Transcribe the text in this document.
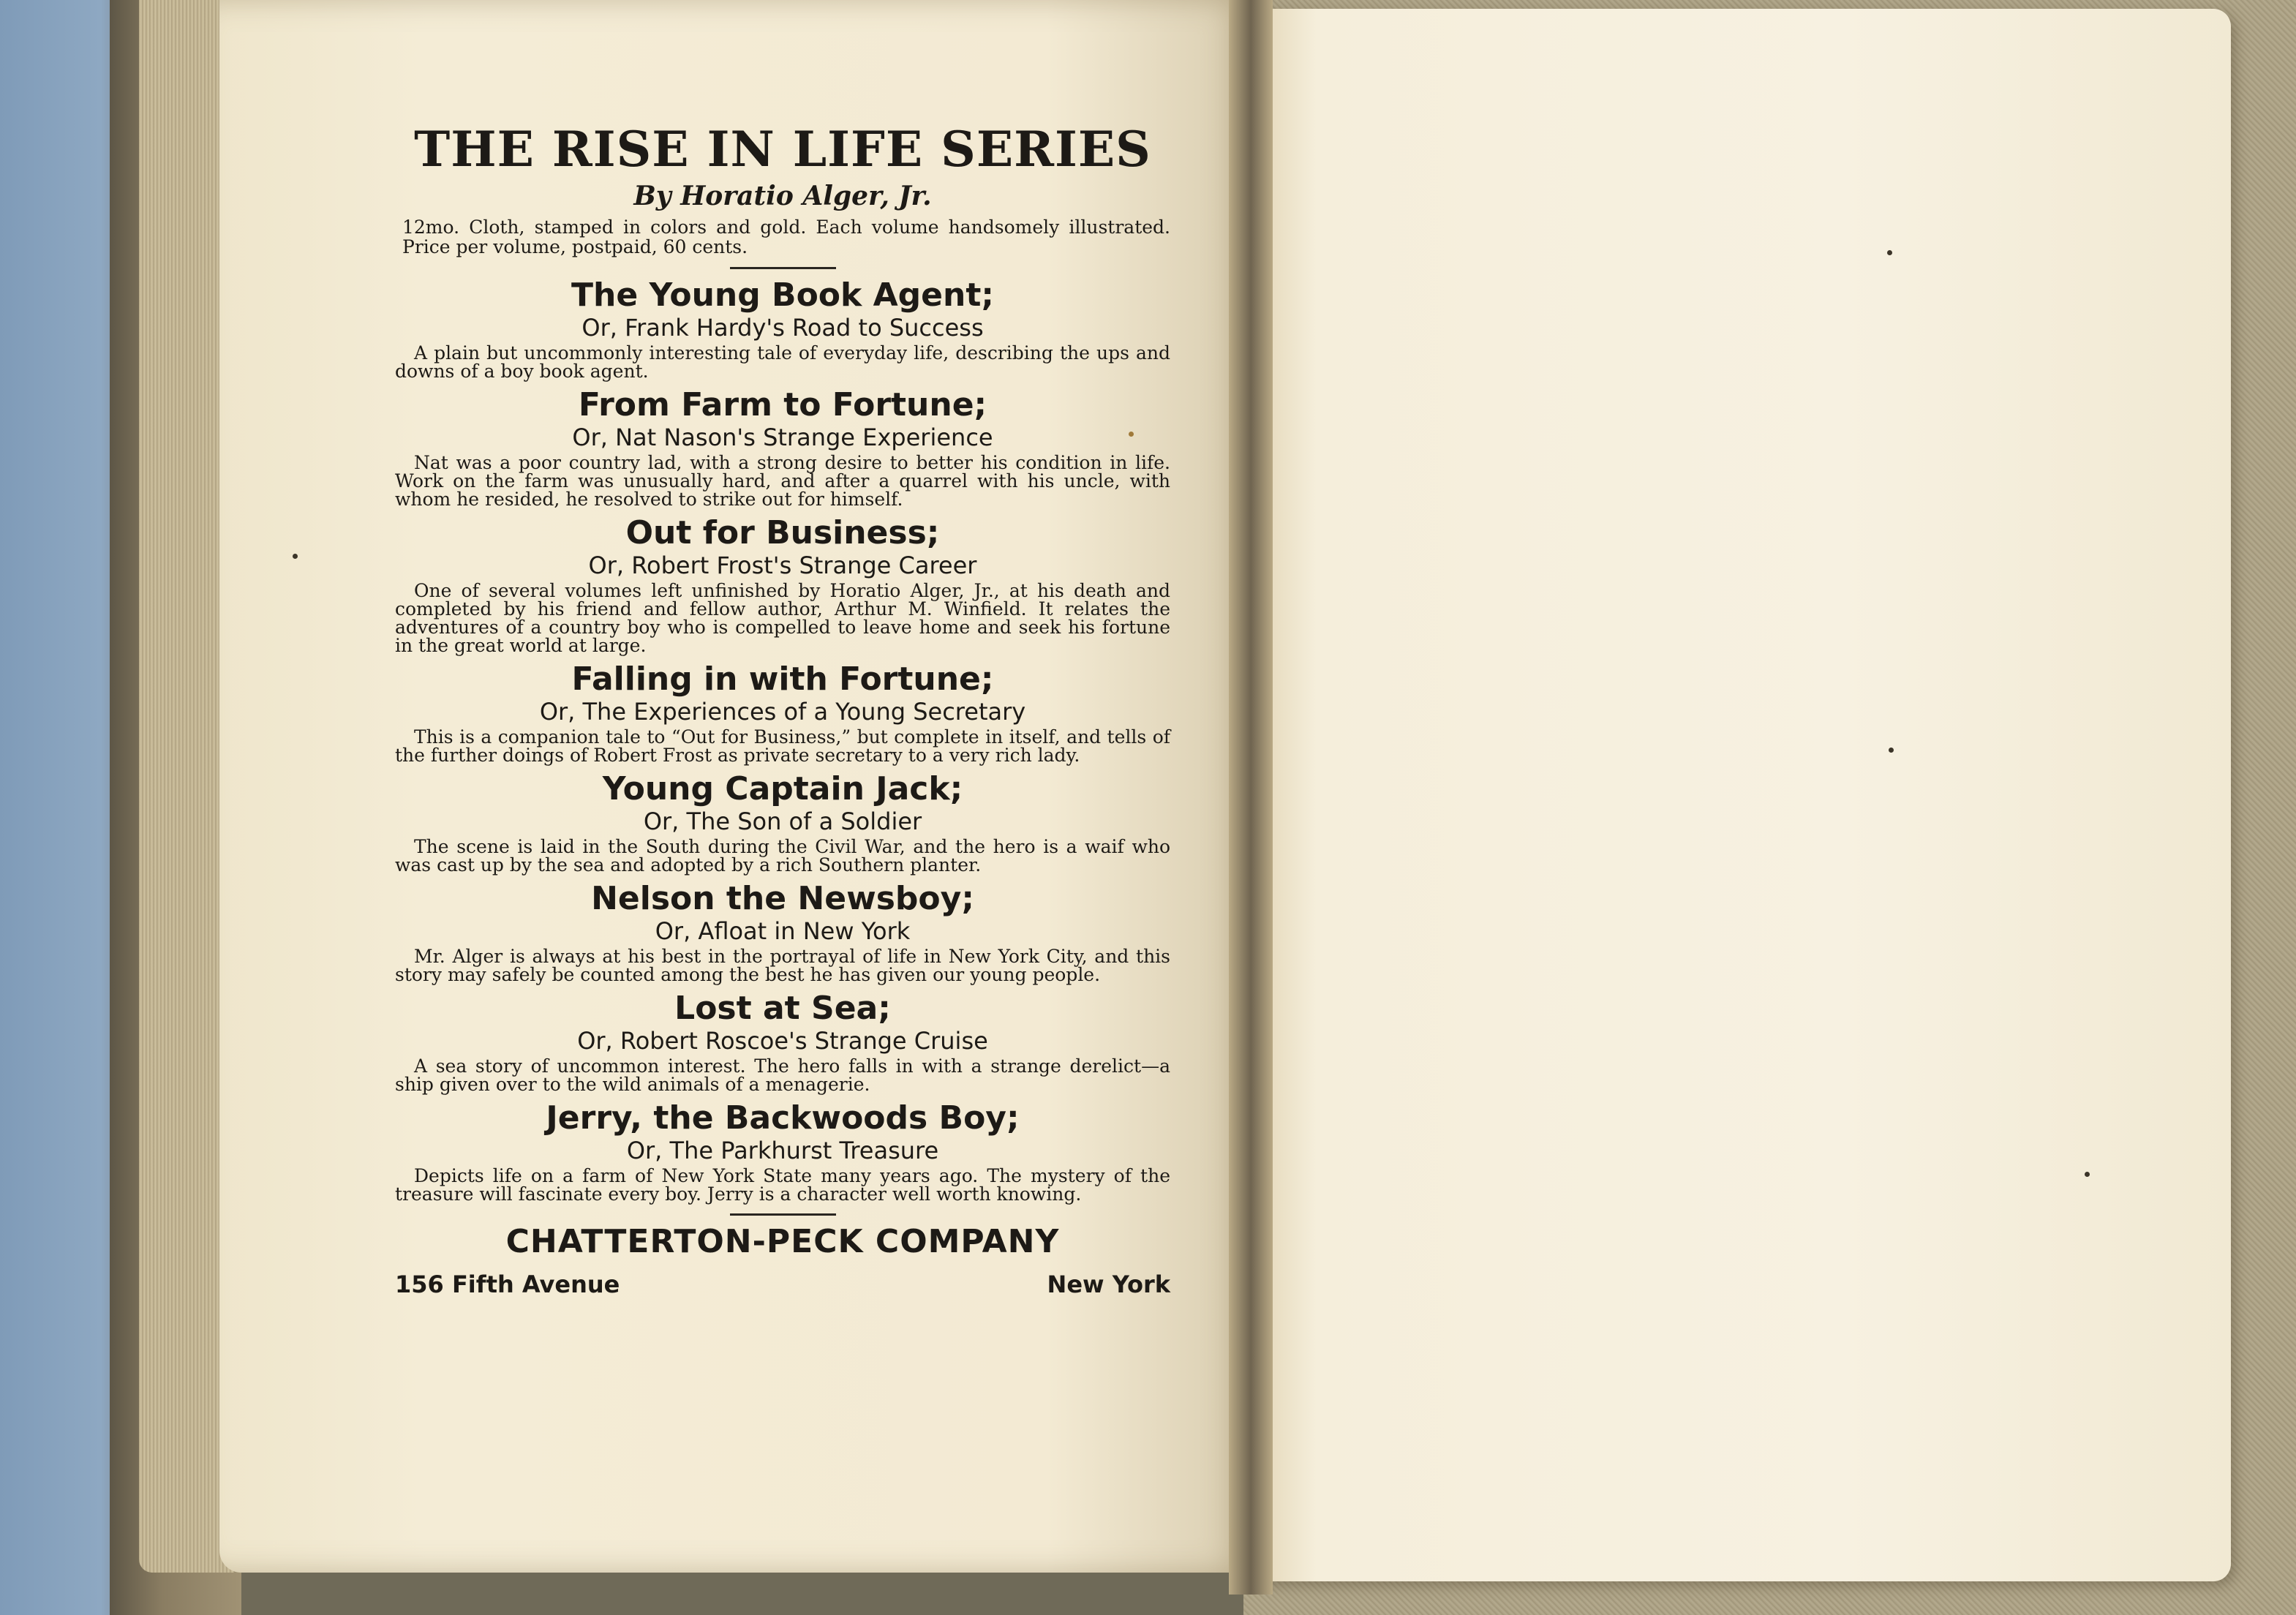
THE RISE IN LIFE SERIES
By Horatio Alger, Jr.

12mo. Cloth, stamped in colors and gold. Each volume handsomely illustrated. Price per volume, postpaid, 60 cents.

The Young Book Agent;
Or, Frank Hardy's Road to Success
A plain but uncommonly interesting tale of everyday life, describing the ups and downs of a boy book agent.
From Farm to Fortune;
Or, Nat Nason's Strange Experience
Nat was a poor country lad, with a strong desire to better his condition in life. Work on the farm was unusually hard, and after a quarrel with his uncle, with whom he resided, he resolved to strike out for himself.
Out for Business;
Or, Robert Frost's Strange Career
One of several volumes left unfinished by Horatio Alger, Jr., at his death and completed by his friend and fellow author, Arthur M. Winfield. It relates the adventures of a country boy who is compelled to leave home and seek his fortune in the great world at large.
Falling in with Fortune;
Or, The Experiences of a Young Secretary
This is a companion tale to “Out for Business,” but complete in itself, and tells of the further doings of Robert Frost as private secretary to a very rich lady.
Young Captain Jack;
Or, The Son of a Soldier
The scene is laid in the South during the Civil War, and the hero is a waif who was cast up by the sea and adopted by a rich Southern planter.
Nelson the Newsboy;
Or, Afloat in New York
Mr. Alger is always at his best in the portrayal of life in New York City, and this story may safely be counted among the best he has given our young people.
Lost at Sea;
Or, Robert Roscoe's Strange Cruise
A sea story of uncommon interest. The hero falls in with a strange derelict—a ship given over to the wild animals of a menagerie.
Jerry, the Backwoods Boy;
Or, The Parkhurst Treasure
Depicts life on a farm of New York State many years ago. The mystery of the treasure will fascinate every boy. Jerry is a character well worth knowing.
CHATTERTON-PECK COMPANY
156 Fifth Avenue	New York
